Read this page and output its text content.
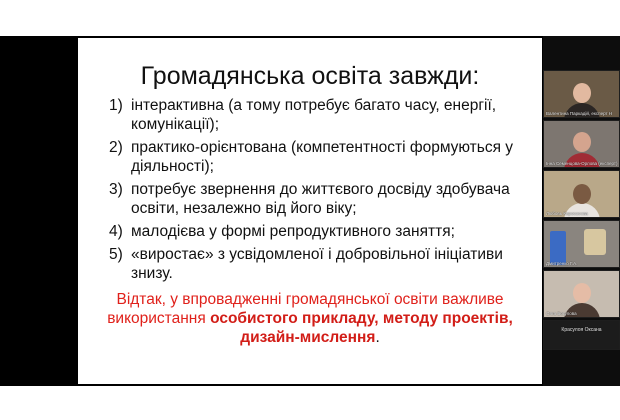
Громадянська освіта завжди:
1) інтерактивна (а тому потребує багато часу, енергії, комунікації);
2) практико-орієнтована (компетентності формуються у діяльності);
3) потребує звернення до життєвого досвіду здобувача освіти, незалежно від його віку;
4) малодієва у формі репродуктивного заняття;
5) «виростає» з усвідомленої і добровільної ініціативи знизу.
Відтак, у впровадженні громадянської освіти важливе використання особистого прикладу, методу проектів, дизайн-мислення.
Валентина Паркадій, експерт Н
Інна Семенцова-Орлова (експерт)
Любовь Каросасова
Дмитренко Г.А.
Олга Богулова
Красулоя Оксана
